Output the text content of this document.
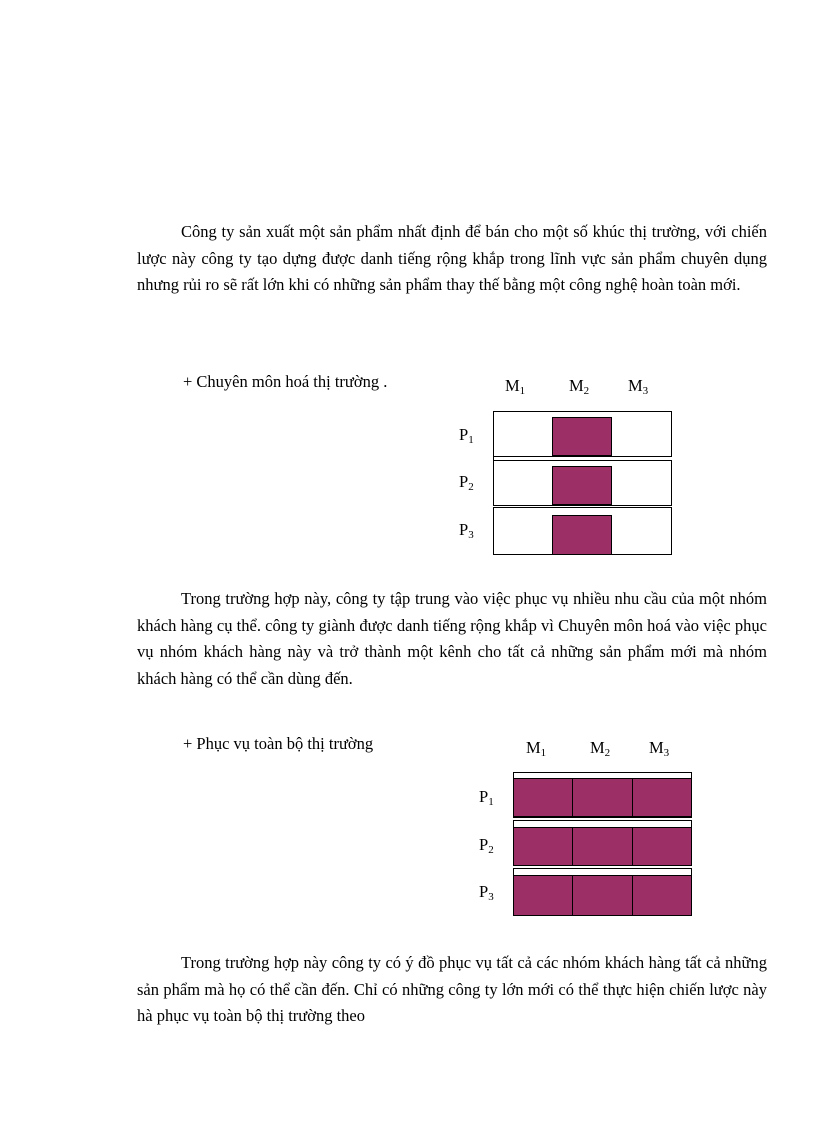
Công ty sản xuất một sản phẩm nhất định để bán cho một số khúc thị trường, với chiến lược này công ty tạo dựng được danh tiếng rộng khắp trong lĩnh vực sản phẩm chuyên dụng nhưng rủi ro sẽ rất lớn khi có những sản phẩm thay thế bằng một công nghệ hoàn toàn mới.

+ Chuyên môn hoá thị trường .	$M_1$	$M_2$ $M_3$
$P_1$
$P_2$
$P_3$

Trong trường hợp này, công ty tập trung vào việc phục vụ nhiều nhu cầu của một nhóm khách hàng cụ thể. công ty giành được danh tiếng rộng khắp vì Chuyên môn hoá vào việc phục vụ nhóm khách hàng này và trở thành một kênh cho tất cả những sản phẩm mới mà nhóm khách hàng có thể cần dùng đến.

+ Phục vụ toàn bộ thị trường	$M_1$	$M_2$ $M_3$
$P_1$
$P_2$
$P_3$

Trong trường hợp này công ty có ý đồ phục vụ tất cả các nhóm khách hàng tất cả những sản phẩm mà họ có thể cần đến. Chỉ có những công ty lớn mới có thể thực hiện chiến lược này hà phục vụ toàn bộ thị trường theo
